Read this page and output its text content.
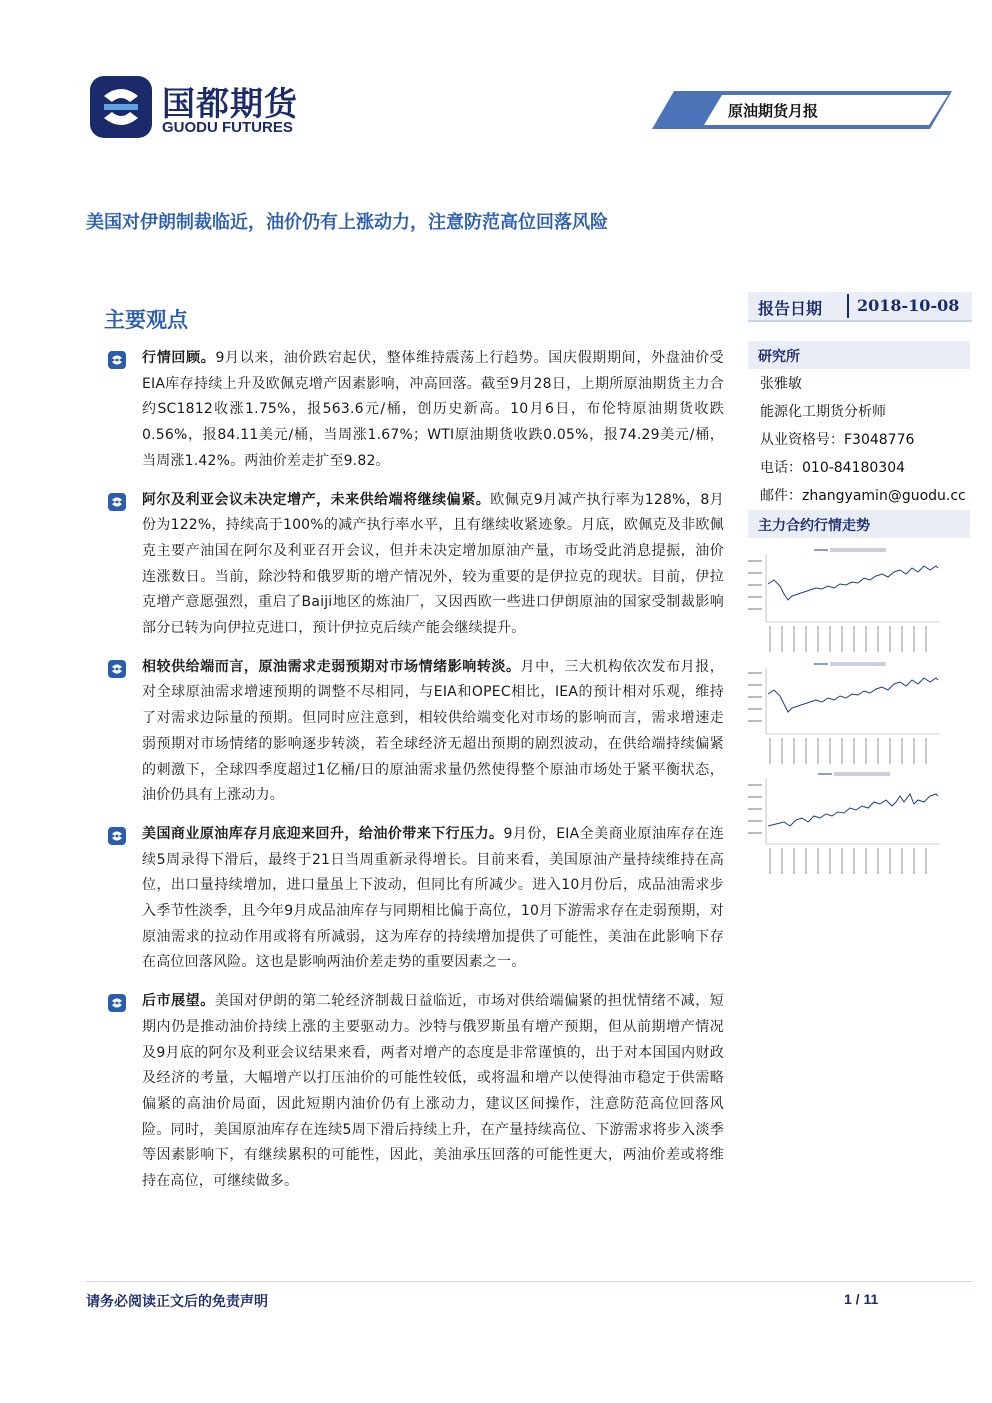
国都期货
GUODU FUTURES
原油期货月报
美国对伊朗制裁临近，油价仍有上涨动力，注意防范高位回落风险
主要观点	报告日期 2018-10-08
行情回顾。9月以来，油价跌宕起伏，整体维持震荡上行趋势。国庆假期期间，外盘油价受EIA库存持续上升及欧佩克增产因素影响，冲高回落。截至9月28日，上期所原油期货主力合约SC1812收涨1.75%，报563.6元/桶，创历史新高。10月6日，布伦特原油期货收跌0.56%，报84.11美元/桶，当周涨1.67%；WTI原油期货收跌0.05%，报74.29美元/桶，当周涨1.42%。两油价差走扩至9.82。
阿尔及利亚会议未决定增产，未来供给端将继续偏紧。欧佩克9月减产执行率为128%，8月份为122%，持续高于100%的减产执行率水平，且有继续收紧迹象。月底，欧佩克及非欧佩克主要产油国在阿尔及利亚召开会议，但并未决定增加原油产量，市场受此消息提振，油价连涨数日。当前，除沙特和俄罗斯的增产情况外，较为重要的是伊拉克的现状。目前，伊拉克增产意愿强烈，重启了Baiji地区的炼油厂，又因西欧一些进口伊朗原油的国家受制裁影响部分已转为向伊拉克进口，预计伊拉克后续产能会继续提升。
相较供给端而言，原油需求走弱预期对市场情绪影响转淡。月中，三大机构依次发布月报，对全球原油需求增速预期的调整不尽相同，与EIA和OPEC相比，IEA的预计相对乐观，维持了对需求边际量的预期。但同时应注意到，相较供给端变化对市场的影响而言，需求增速走弱预期对市场情绪的影响逐步转淡，若全球经济无超出预期的剧烈波动，在供给端持续偏紧的刺激下，全球四季度超过1亿桶/日的原油需求量仍然使得整个原油市场处于紧平衡状态，油价仍具有上涨动力。
美国商业原油库存月底迎来回升，给油价带来下行压力。9月份，EIA全美商业原油库存在连续5周录得下滑后，最终于21日当周重新录得增长。目前来看，美国原油产量持续维持在高位，出口量持续增加，进口量虽上下波动，但同比有所减少。进入10月份后，成品油需求步入季节性淡季，且今年9月成品油库存与同期相比偏于高位，10月下游需求存在走弱预期，对原油需求的拉动作用或将有所减弱，这为库存的持续增加提供了可能性，美油在此影响下存在高位回落风险。这也是影响两油价差走势的重要因素之一。
后市展望。美国对伊朗的第二轮经济制裁日益临近，市场对供给端偏紧的担忧情绪不减，短期内仍是推动油价持续上涨的主要驱动力。沙特与俄罗斯虽有增产预期，但从前期增产情况及9月底的阿尔及利亚会议结果来看，两者对增产的态度是非常谨慎的，出于对本国国内财政及经济的考量，大幅增产以打压油价的可能性较低，或将温和增产以使得油市稳定于供需略偏紧的高油价局面，因此短期内油价仍有上涨动力，建议区间操作，注意防范高位回落风险。同时，美国原油库存在连续5周下滑后持续上升，在产量持续高位、下游需求将步入淡季等因素影响下，有继续累积的可能性，因此，美油承压回落的可能性更大，两油价差或将维持在高位，可继续做多。
研究所
张雅敏
能源化工期货分析师
从业资格号：F3048776
电话：010-84180304
邮件：zhangyamin@guodu.cc
主力合约行情走势
请务必阅读正文后的免责声明	1 / 11
